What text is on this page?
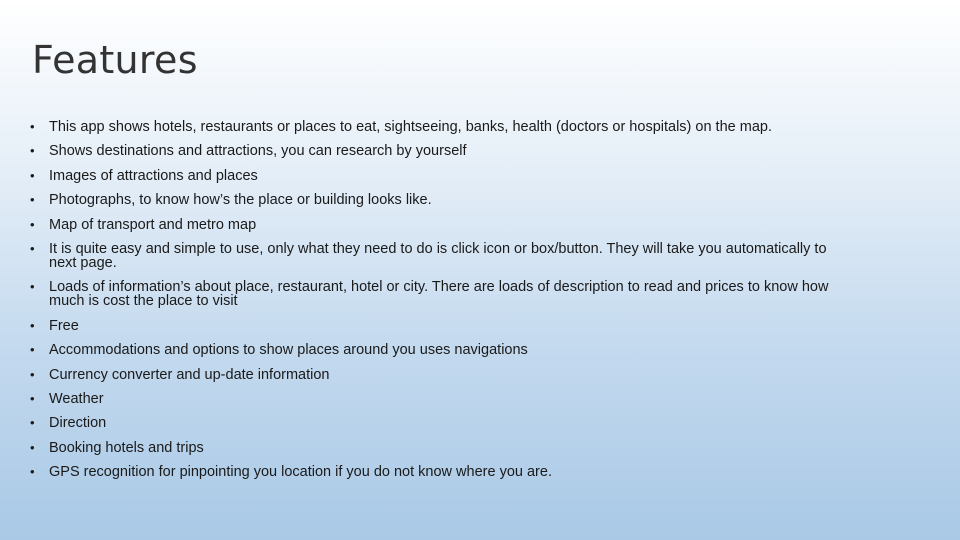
Features
• This app shows hotels, restaurants or places to eat, sightseeing, banks, health (doctors or hospitals) on the map.
• Shows destinations and attractions, you can research by yourself
• Images of attractions and places
• Photographs, to know how’s the place or building looks like.
• Map of transport and metro map
• It is quite easy and simple to use, only what they need to do is click icon or box/button. They will take you automatically to next page.
• Loads of information’s about place, restaurant, hotel or city. There are loads of description to read and prices to know how much is cost the place to visit
• Free
• Accommodations and options to show places around you uses navigations
• Currency converter and up-date information
• Weather
• Direction
• Booking hotels and trips
• GPS recognition for pinpointing you location if you do not know where you are.
